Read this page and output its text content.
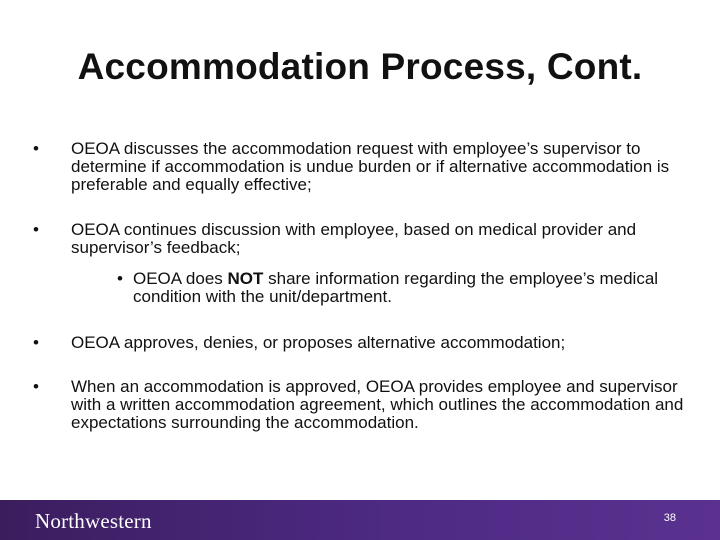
Accommodation Process, Cont.
•	OEOA discusses the accommodation request with employee’s supervisor to determine if accommodation is undue burden or if alternative accommodation is preferable and equally effective;
•	OEOA continues discussion with employee, based on medical provider and supervisor’s feedback;
• OEOA does NOT share information regarding the employee’s medical condition with the unit/department.
•	OEOA approves, denies, or proposes alternative accommodation;
•	When an accommodation is approved, OEOA provides employee and supervisor with a written accommodation agreement, which outlines the accommodation and expectations surrounding the accommodation.
Northwestern	38
